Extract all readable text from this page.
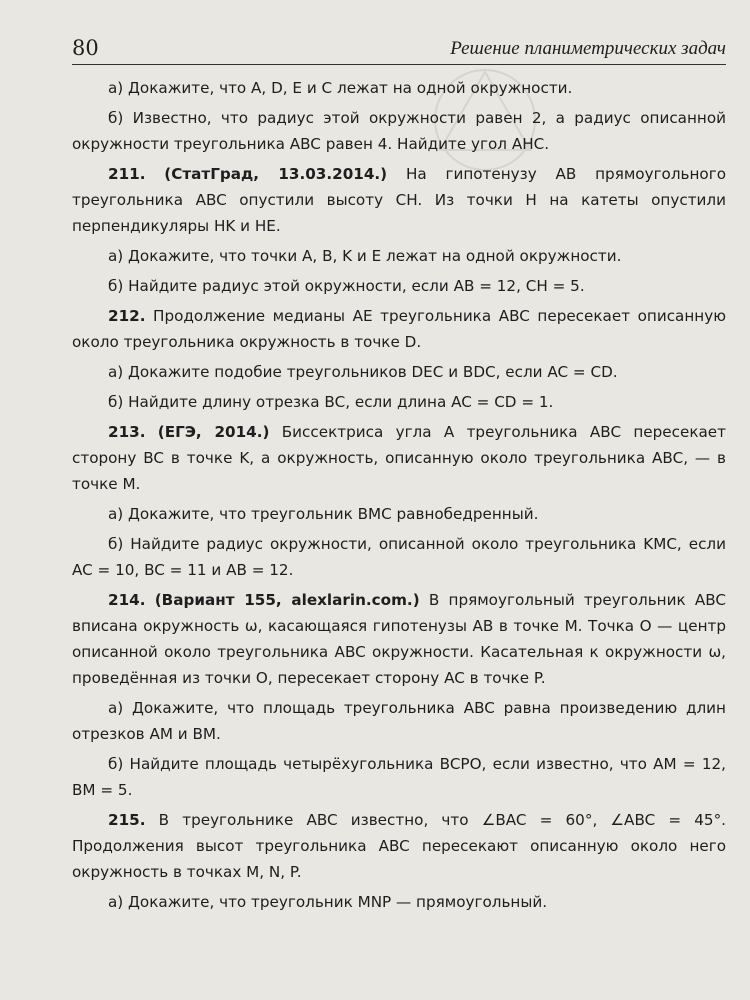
80	Решение планиметрических задач

а) Докажите, что A, D, E и C лежат на одной окружности.

б) Известно, что радиус этой окружности равен 2, а радиус описанной окружности треугольника ABC равен 4. Найдите угол AHC.

211. (СтатГрад, 13.03.2014.) На гипотенузу AB прямоугольного треугольника ABC опустили высоту CH. Из точки H на катеты опустили перпендикуляры HK и HE.

а) Докажите, что точки A, B, K и E лежат на одной окружности.

б) Найдите радиус этой окружности, если AB = 12, CH = 5.

212. Продолжение медианы AE треугольника ABC пересекает описанную около треугольника окружность в точке D.

а) Докажите подобие треугольников DEC и BDC, если AC = CD.

б) Найдите длину отрезка BC, если длина AC = CD = 1.

213. (ЕГЭ, 2014.) Биссектриса угла A треугольника ABC пересекает сторону BC в точке K, а окружность, описанную около треугольника ABC, — в точке M.

а) Докажите, что треугольник BMC равнобедренный.

б) Найдите радиус окружности, описанной около треугольника KMC, если AC = 10, BC = 11 и AB = 12.

214. (Вариант 155, alexlarin.com.) В прямоугольный треугольник ABC вписана окружность ω, касающаяся гипотенузы AB в точке M. Точка O — центр описанной около треугольника ABC окружности. Касательная к окружности ω, проведённая из точки O, пересекает сторону AC в точке P.

а) Докажите, что площадь треугольника ABC равна произведению длин отрезков AM и BM.

б) Найдите площадь четырёхугольника BCPO, если известно, что AM = 12, BM = 5.

215. В треугольнике ABC известно, что ∠BAC = 60°, ∠ABC = 45°. Продолжения высот треугольника ABC пересекают описанную около него окружность в точках M, N, P.

а) Докажите, что треугольник MNP — прямоугольный.
